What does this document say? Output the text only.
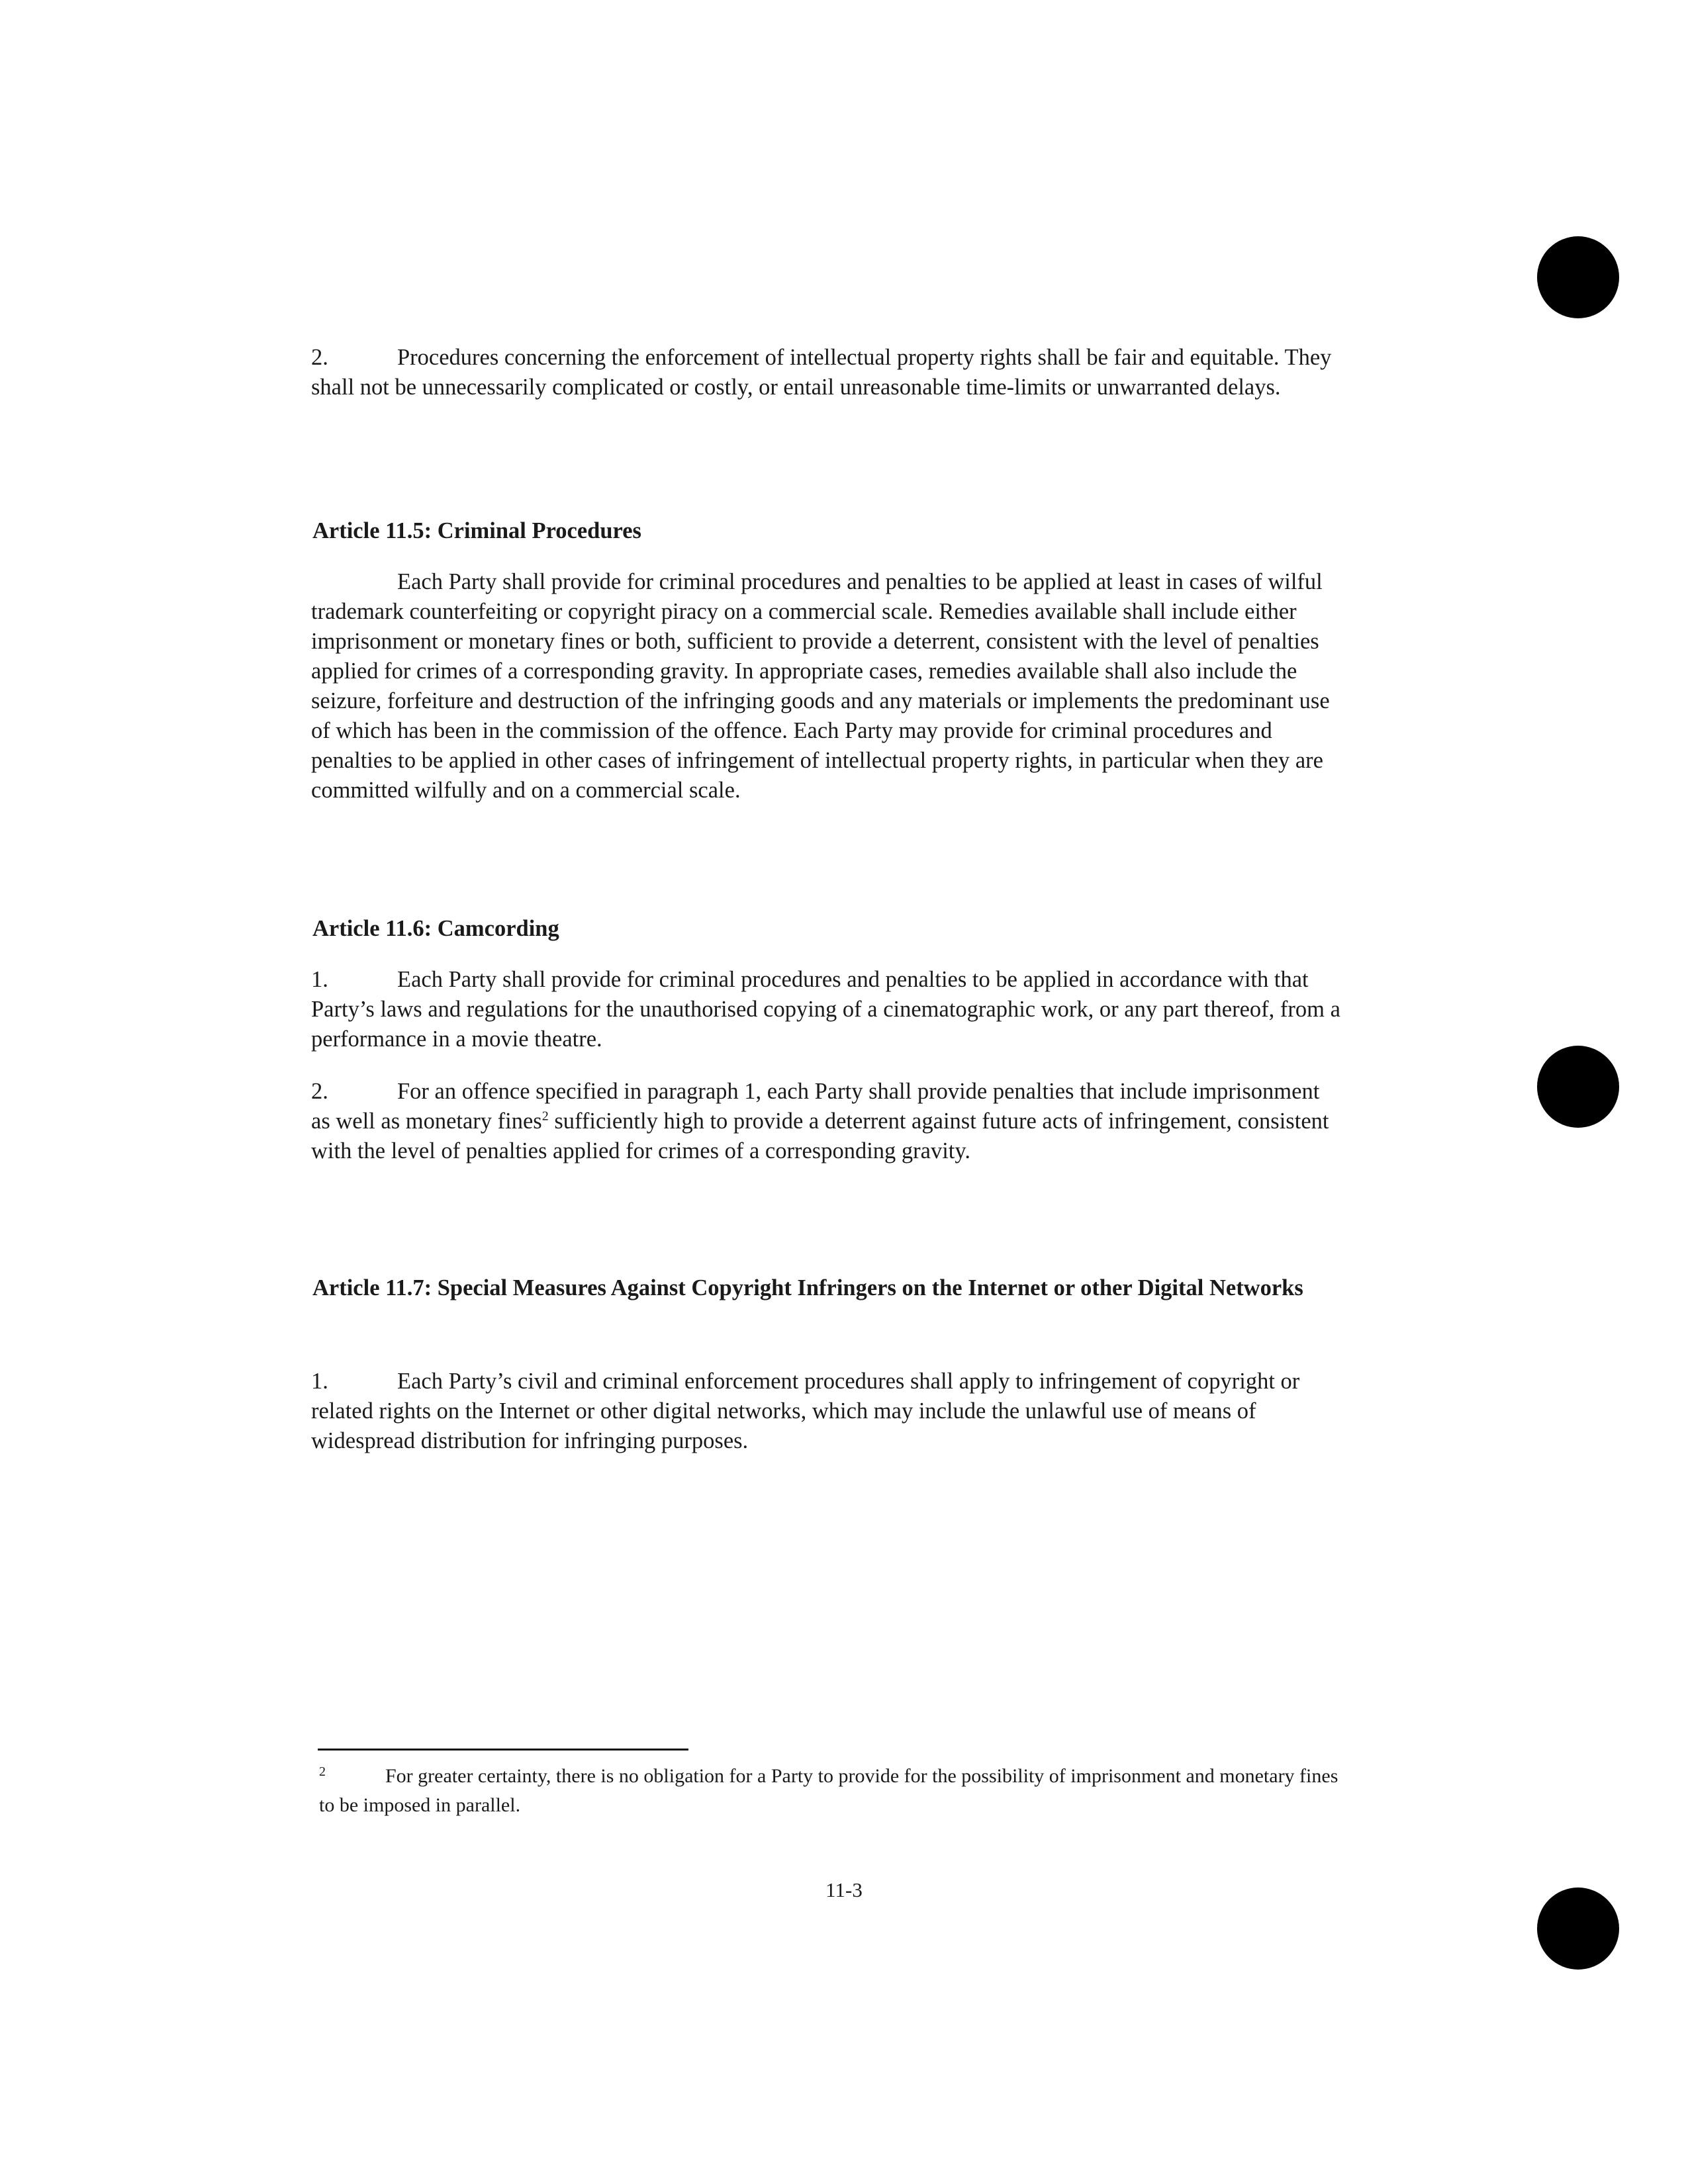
2.	Procedures concerning the enforcement of intellectual property rights shall be fair and equitable. They shall not be unnecessarily complicated or costly, or entail unreasonable time-limits or unwarranted delays.

Article 11.5: Criminal Procedures

Each Party shall provide for criminal procedures and penalties to be applied at least in cases of wilful trademark counterfeiting or copyright piracy on a commercial scale. Remedies available shall include either imprisonment or monetary fines or both, sufficient to provide a deterrent, consistent with the level of penalties applied for crimes of a corresponding gravity. In appropriate cases, remedies available shall also include the seizure, forfeiture and destruction of the infringing goods and any materials or implements the predominant use of which has been in the commission of the offence. Each Party may provide for criminal procedures and penalties to be applied in other cases of infringement of intellectual property rights, in particular when they are committed wilfully and on a commercial scale.

Article 11.6: Camcording

1.	Each Party shall provide for criminal procedures and penalties to be applied in accordance with that Party’s laws and regulations for the unauthorised copying of a cinematographic work, or any part thereof, from a performance in a movie theatre.

2.	For an offence specified in paragraph 1, each Party shall provide penalties that include imprisonment as well as monetary fines$^2$ sufficiently high to provide a deterrent against future acts of infringement, consistent with the level of penalties applied for crimes of a corresponding gravity.

Article 11.7: Special Measures Against Copyright Infringers on the Internet or other Digital Networks

1.	Each Party’s civil and criminal enforcement procedures shall apply to infringement of copyright or related rights on the Internet or other digital networks, which may include the unlawful use of means of widespread distribution for infringing purposes.

2	For greater certainty, there is no obligation for a Party to provide for the possibility of imprisonment and monetary fines to be imposed in parallel.
11-3
